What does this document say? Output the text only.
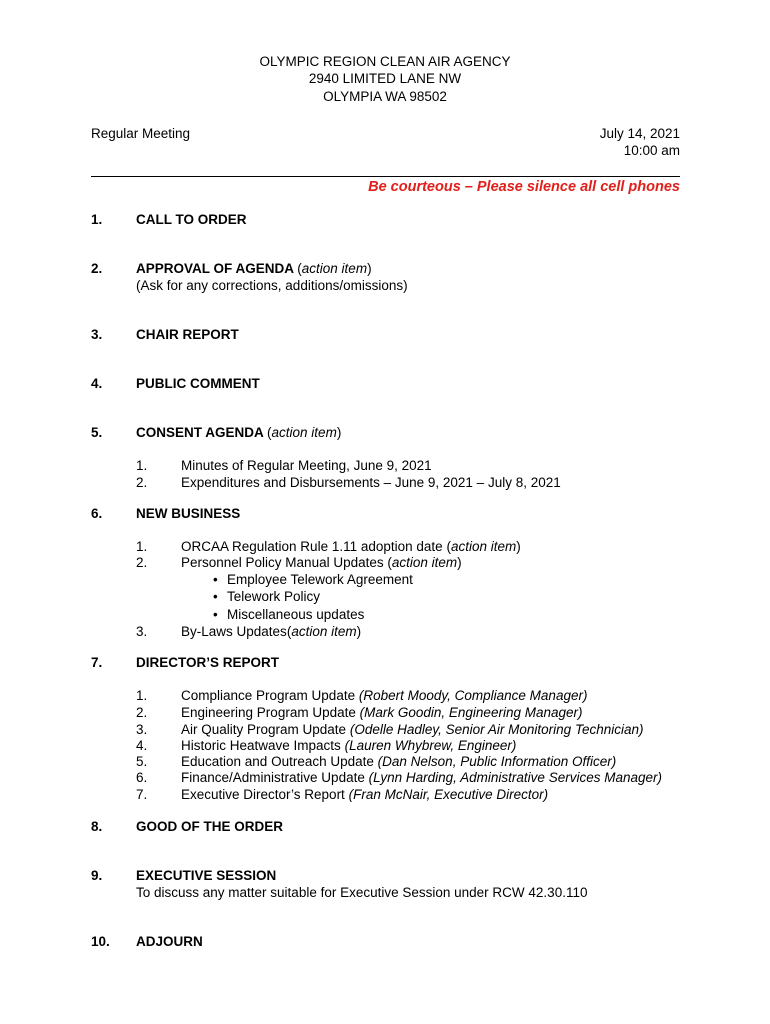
OLYMPIC REGION CLEAN AIR AGENCY
2940 LIMITED LANE NW
OLYMPIA WA 98502
Regular Meeting	July 14, 2021
10:00 am
Be courteous – Please silence all cell phones
1. CALL TO ORDER
2. APPROVAL OF AGENDA (action item)
(Ask for any corrections, additions/omissions)
3. CHAIR REPORT
4. PUBLIC COMMENT
5. CONSENT AGENDA (action item)
1. Minutes of Regular Meeting, June 9, 2021
2. Expenditures and Disbursements – June 9, 2021 – July 8, 2021
6. NEW BUSINESS
1. ORCAA Regulation Rule 1.11 adoption date (action item)
2. Personnel Policy Manual Updates (action item)
• Employee Telework Agreement
• Telework Policy
• Miscellaneous updates
3. By-Laws Updates(action item)
7. DIRECTOR’S REPORT
1. Compliance Program Update (Robert Moody, Compliance Manager)
2. Engineering Program Update (Mark Goodin, Engineering Manager)
3. Air Quality Program Update (Odelle Hadley, Senior Air Monitoring Technician)
4. Historic Heatwave Impacts (Lauren Whybrew, Engineer)
5. Education and Outreach Update (Dan Nelson, Public Information Officer)
6. Finance/Administrative Update (Lynn Harding, Administrative Services Manager)
7. Executive Director’s Report (Fran McNair, Executive Director)
8. GOOD OF THE ORDER
9. EXECUTIVE SESSION
To discuss any matter suitable for Executive Session under RCW 42.30.110
10. ADJOURN
